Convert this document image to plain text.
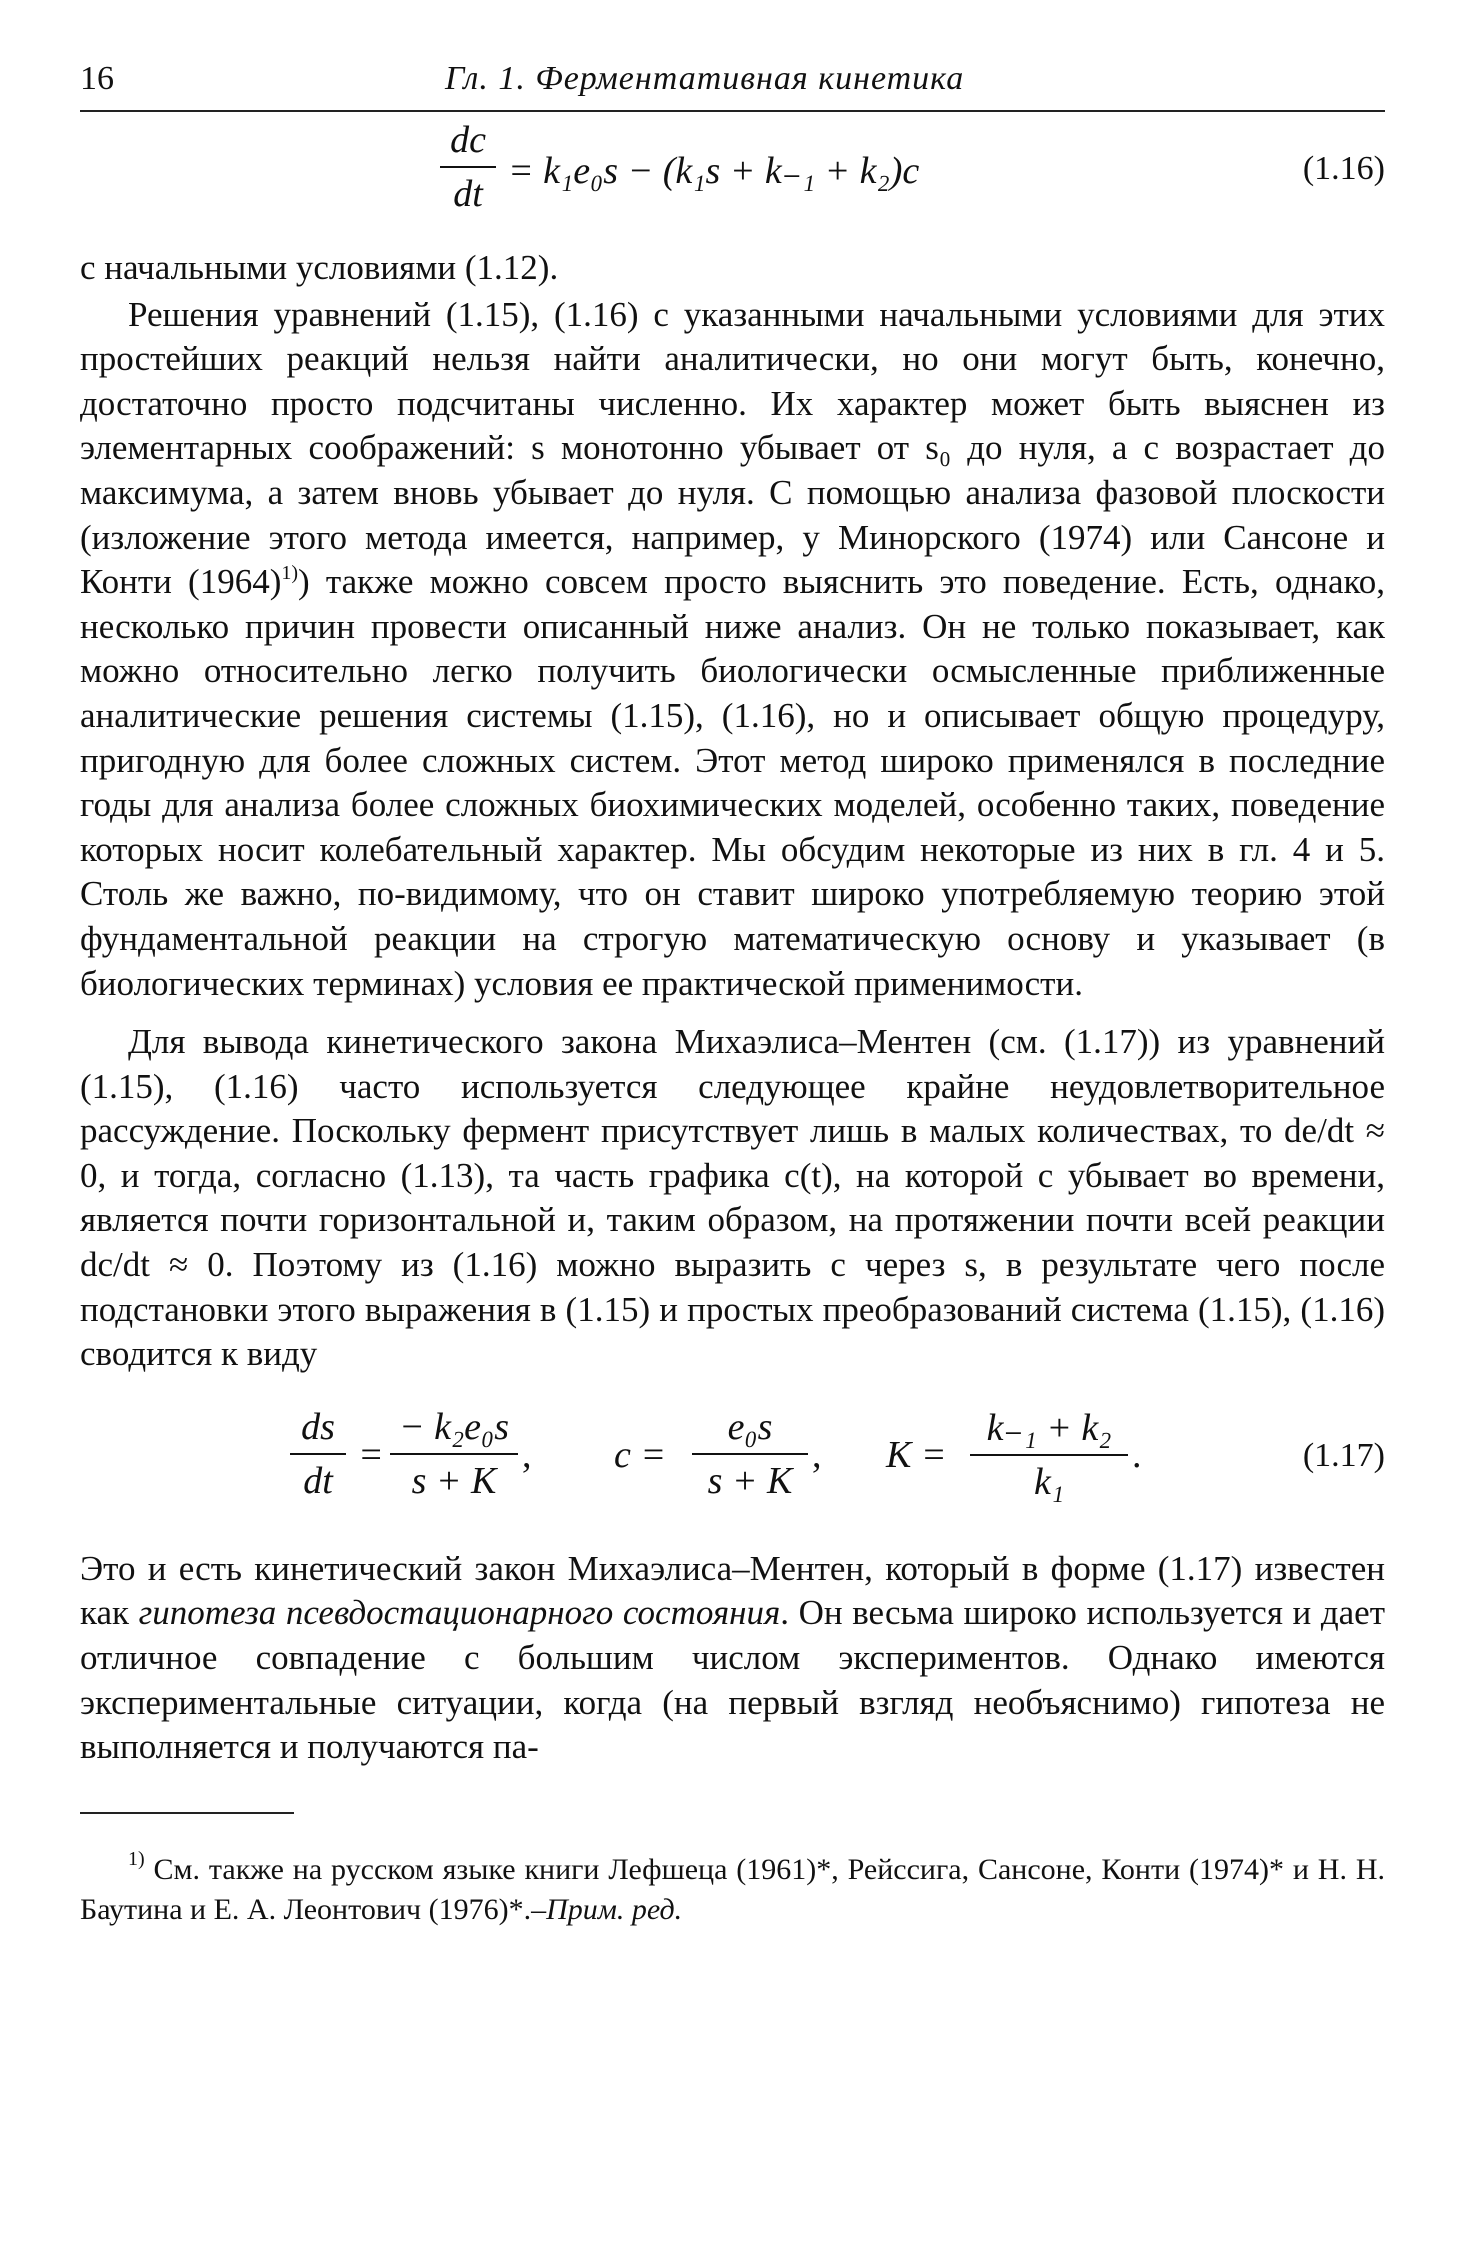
16	Гл. 1. Ферментативная кинетика
dc
dt
= k₁e₀s − (k₁s + k₋₁ + k₂)c	(1.16)

с начальными условиями (1.12).

Решения уравнений (1.15), (1.16) с указанными начальными условиями для этих простейших реакций нельзя найти аналитически, но они могут быть, конечно, достаточно просто подсчитаны численно. Их характер может быть выяснен из элементарных соображений: s монотонно убывает от s₀ до нуля, а c возрастает до максимума, а затем вновь убывает до нуля. С помощью анализа фазовой плоскости (изложение этого метода имеется, например, у Минорского (1974) или Сансоне и Конти $(1964)^{1)}$) также можно совсем просто выяснить это поведение. Есть, однако, несколько причин провести описанный ниже анализ. Он не только показывает, как можно относительно легко получить биологически осмысленные приближенные аналитические решения системы (1.15), (1.16), но и описывает общую процедуру, пригодную для более сложных систем. Этот метод широко применялся в последние годы для анализа более сложных биохимических моделей, особенно таких, поведение которых носит колебательный характер. Мы обсудим некоторые из них в гл. 4 и 5. Столь же важно, по-видимому, что он ставит широко употребляемую теорию этой фундаментальной реакции на строгую математическую основу и указывает (в биологических терминах) условия ее практической применимости.

Для вывода кинетического закона Михаэлиса–Ментен (см. (1.17)) из уравнений (1.15), (1.16) часто используется следующее крайне неудовлетворительное рассуждение. Поскольку фермент присутствует лишь в малых количествах, то de/dt ≈ 0, и тогда, согласно (1.13), та часть графика c(t), на которой c убывает во времени, является почти горизонтальной и, таким образом, на протяжении почти всей реакции dc/dt ≈ 0. Поэтому из (1.16) можно выразить c через s, в результате чего после подстановки этого выражения в (1.15) и простых преобразований система (1.15), (1.16) сводится к виду

ds
dt
=
− k₂e₀s
s + K
, c =
e₀s
s + K
, K =
k₋₁ + k₂
k₁
.	(1.17)

Это и есть кинетический закон Михаэлиса–Ментен, который в форме (1.17) известен как гипотеза псевдостационарного состояния. Он весьма широко используется и дает отличное совпадение с большим числом экспериментов. Однако имеются экспериментальные ситуации, когда (на первый взгляд необъяснимо) гипотеза не выполняется и получаются па-

$^{1)}$ См. также на русском языке книги Лефшеца (1961)*, Рейссига, Сансоне, Конти (1974)* и Н. Н. Баутина и Е. А. Леонтович (1976)*.–Прим. ред.
